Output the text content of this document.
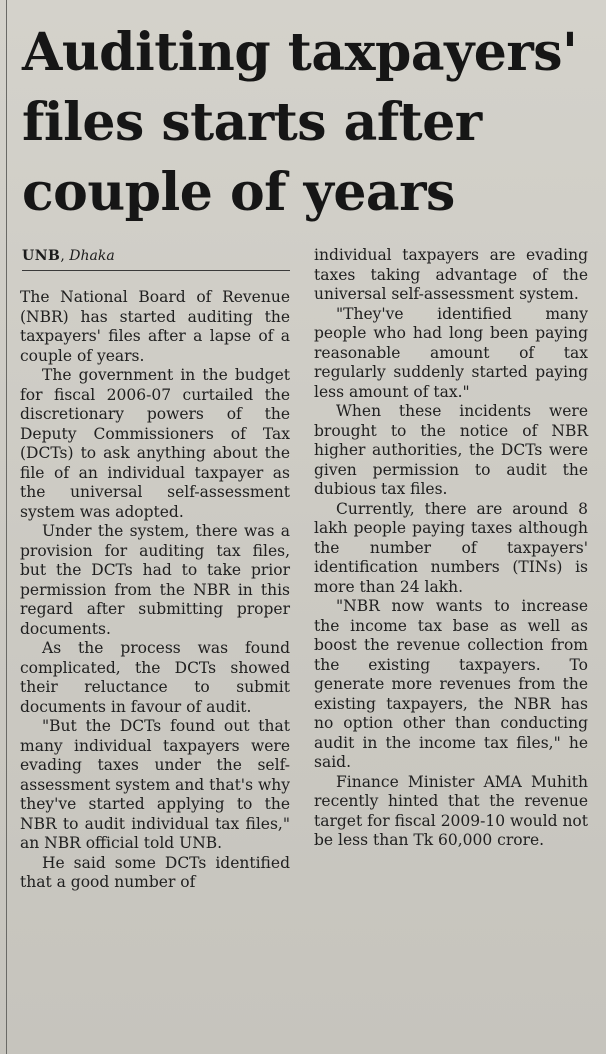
Auditing taxpayers'
files starts after
couple of years
UNB, Dhaka

The National Board of Revenue (NBR) has started auditing the taxpayers' files after a lapse of a couple of years.

The government in the budget for fiscal 2006-07 curtailed the discretionary powers of the Deputy Commissioners of Tax (DCTs) to ask anything about the file of an individual taxpayer as the universal self-assessment system was adopted.

Under the system, there was a provision for auditing tax files, but the DCTs had to take prior permission from the NBR in this regard after submitting proper documents.

As the process was found complicated, the DCTs showed their reluctance to submit documents in favour of audit.

"But the DCTs found out that many individual taxpayers were evading taxes under the self-assessment system and that's why they've started applying to the NBR to audit individual tax files," an NBR official told UNB.

He said some DCTs identified that a good number of

individual taxpayers are evading taxes taking advantage of the universal self-assessment system.

"They've identified many people who had long been paying reasonable amount of tax regularly suddenly started paying less amount of tax."

When these incidents were brought to the notice of NBR higher authorities, the DCTs were given permission to audit the dubious tax files.

Currently, there are around 8 lakh people paying taxes although the number of taxpayers' identification numbers (TINs) is more than 24 lakh.

"NBR now wants to increase the income tax base as well as boost the revenue collection from the existing taxpayers. To generate more revenues from the existing taxpayers, the NBR has no option other than conducting audit in the income tax files," he said.

Finance Minister AMA Muhith recently hinted that the revenue target for fiscal 2009-10 would not be less than Tk 60,000 crore.
